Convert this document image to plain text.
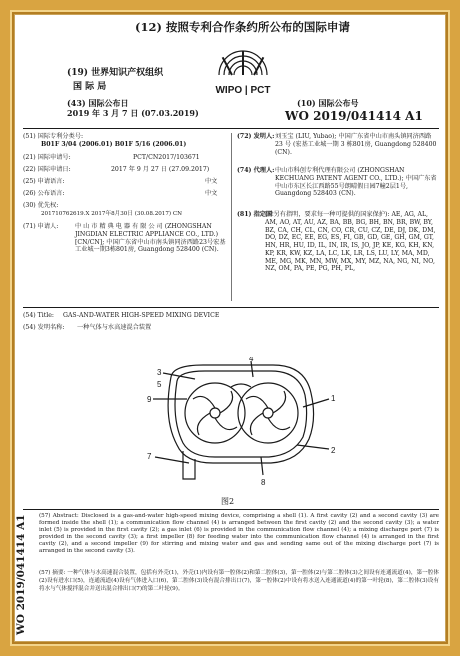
(12) 按照专利合作条约所公布的国际申请
WIPO | PCT
(19) 世界知识产权组织
国 际 局
(43) 国际公布日
2019 年 3 月 7 日 (07.03.2019)
(10) 国际公布号
WO 2019/041414 A1
(51) 国际专利分类号:
B01F 3/04 (2006.01) B01F 5/16 (2006.01)
(21) 国际申请号:	PCT/CN2017/103671
(22) 国际申请日:	2017 年 9 月 27 日 (27.09.2017)
(25) 申请语言:	中文
(26) 公布语言:	中文
(30) 优先权:
201710762619.X 2017年8月30日 (30.08.2017) CN
(71) 申请人:	中 山 市 精 典 电 器 有 限 公 司 (ZHONGSHAN JINGDIAN ELECTRIC APPLIANCE CO., LTD.) [CN/CN]; 中国广东省中山市南头镇同济西路23号宏基工业城一期3栋801房, Guangdong 528400 (CN).
(72) 发明人: 刘玉宝 (LIU, Yubao); 中国广东省中山市南头镇同济西路 23 号 (宏基工业城一期 3 栋801房, Guangdong 528400 (CN).
(74) 代理人: 中山市科创专利代理有限公司 (ZHONGSHAN KECHUANG PATENT AGENT CO., LTD.); 中国广东省中山市东区长江西路55号朗晴假日园7幢2层1号, Guangdong 528403 (CN).
(81) 指定国
(除另有指明，要求每一种可提供的国家保护): AE, AG, AL, AM, AO, AT, AU, AZ, BA, BB, BG, BH, BN, BR, BW, BY, BZ, CA, CH, CL, CN, CO, CR, CU, CZ, DE, DJ, DK, DM, DO, DZ, EC, EE, EG, ES, FI, GB, GD, GE, GH, GM, GT, HN, HR, HU, ID, IL, IN, IR, IS, JO, JP, KE, KG, KH, KN, KP, KR, KW, KZ, LA, LC, LK, LR, LS, LU, LY, MA, MD, ME, MG, MK, MN, MW, MX, MY, MZ, NA, NG, NI, NO, NZ, OM, PA, PE, PG, PH, PL,
(54) Title: GAS-AND-WATER HIGH-SPEED MIXING DEVICE
(54) 发明名称: 一种气体与水高速混合装置
4
3
5
9	1
7
2
8
图2
(57) Abstract: Disclosed is a gas-and-water high-speed mixing device, comprising a shell (1). A first cavity (2) and a second cavity (3) are formed inside the shell (1); a communication flow channel (4) is arranged between the first cavity (2) and the second cavity (3); a water inlet (5) is provided in the first cavity (2); a gas inlet (6) is provided in the communication flow channel (4); a mixing discharge port (7) is provided in the second cavity (3); a first impeller (8) for feeding water into the communication flow channel (4) is arranged in the first cavity (2), and a second impeller (9) for stirring and mixing water and gas and sending same out of the mixing discharge port (7) is arranged in the second cavity (3).
(57) 摘要: 一种气体与水高速混合装置，包括有外壳(1)，外壳(1)内设有第一腔体(2)和第二腔体(3)，第一腔体(2)与第二腔体(3)之间设有连通流道(4)，第一腔体(2)设有进水口(5)，连通流道(4)设有气体进入口(6)，第二腔体(3)设有混合排出口(7)，第一腔体(2)中设有将水送入连通流道(4)的第一叶轮(8)，第二腔体(3)设有将水与气体搅拌混合并送出混合排出口(7)的第二叶轮(9)。
WO 2019/041414 A1
